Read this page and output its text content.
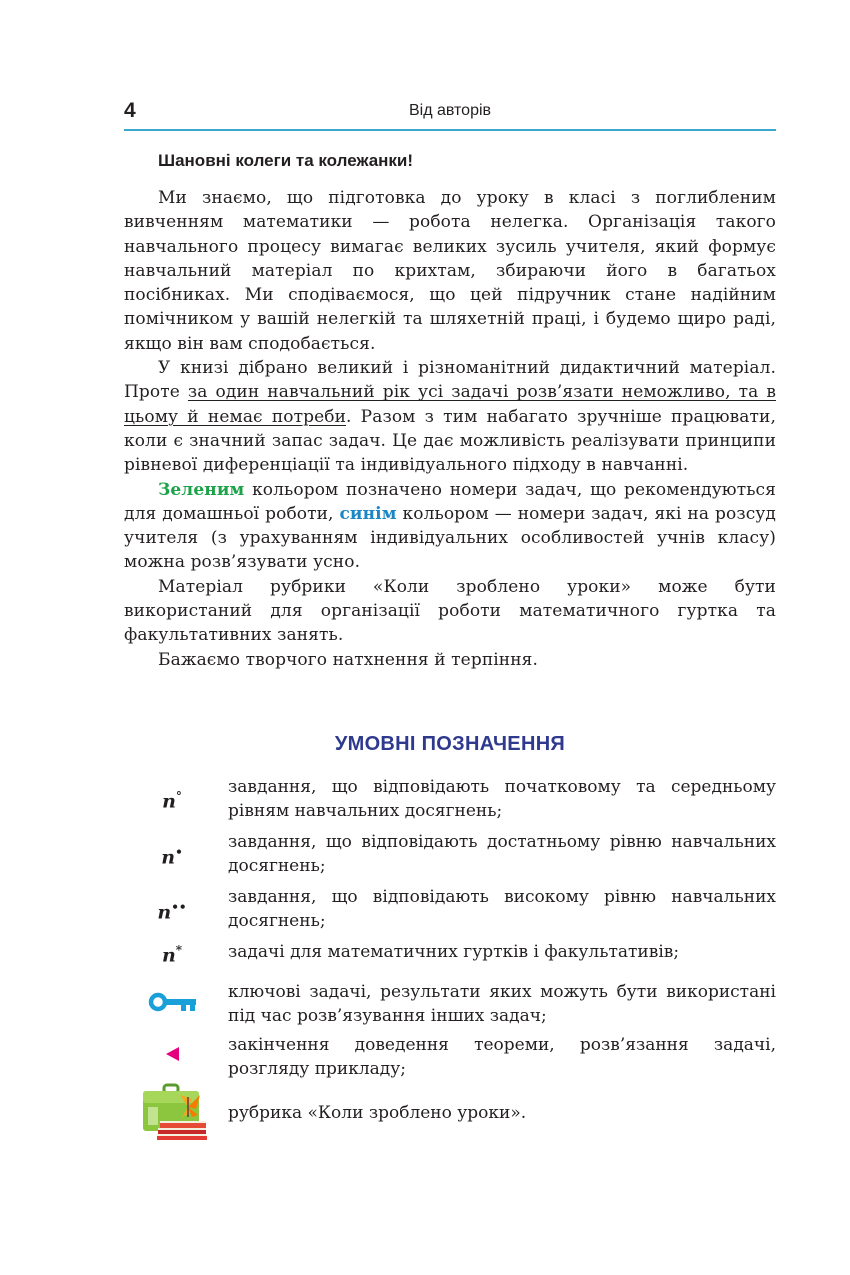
4	Від авторів
Шановні колеги та колежанки!

Ми знаємо, що підготовка до уроку в класі з поглибленим вивченням математики — робота нелегка. Організація такого навчального процесу вимагає великих зусиль учителя, який формує навчальний матеріал по крихтам, збираючи його в багатьох посібниках. Ми сподіваємося, що цей підручник стане надійним помічником у вашій нелегкій та шляхетній праці, і будемо щиро раді, якщо він вам сподобається.

У книзі дібрано великий і різноманітний дидактичний матеріал. Проте за один навчальний рік усі задачі розв’язати неможливо, та в цьому й немає потреби. Разом з тим набагато зручніше працювати, коли є значний запас задач. Це дає можливість реалізувати принципи рівневої диференціації та індивідуального підходу в навчанні.

Зеленим кольором позначено номери задач, що рекомендуються для домашньої роботи, синім кольором — номери задач, які на розсуд учителя (з урахуванням індивідуальних особливостей учнів класу) можна розв’язувати усно.

Матеріал рубрики «Коли зроблено уроки» може бути використаний для організації роботи математичного гуртка та факультативних занять.

Бажаємо творчого натхнення й терпіння.

УМОВНІ ПОЗНАЧЕННЯ
n°	завдання, що відповідають початковому та середньому рівням навчальних досягнень;
n•	завдання, що відповідають достатньому рівню навчальних досягнень;
n••	завдання, що відповідають високому рівню навчальних досягнень;
n*	задачі для математичних гуртків і факультативів;
ключові задачі, результати яких можуть бути використані під час розв’язування інших задач;
закінчення доведення теореми, розв’язання задачі, розгляду прикладу;
рубрика «Коли зроблено уроки».
